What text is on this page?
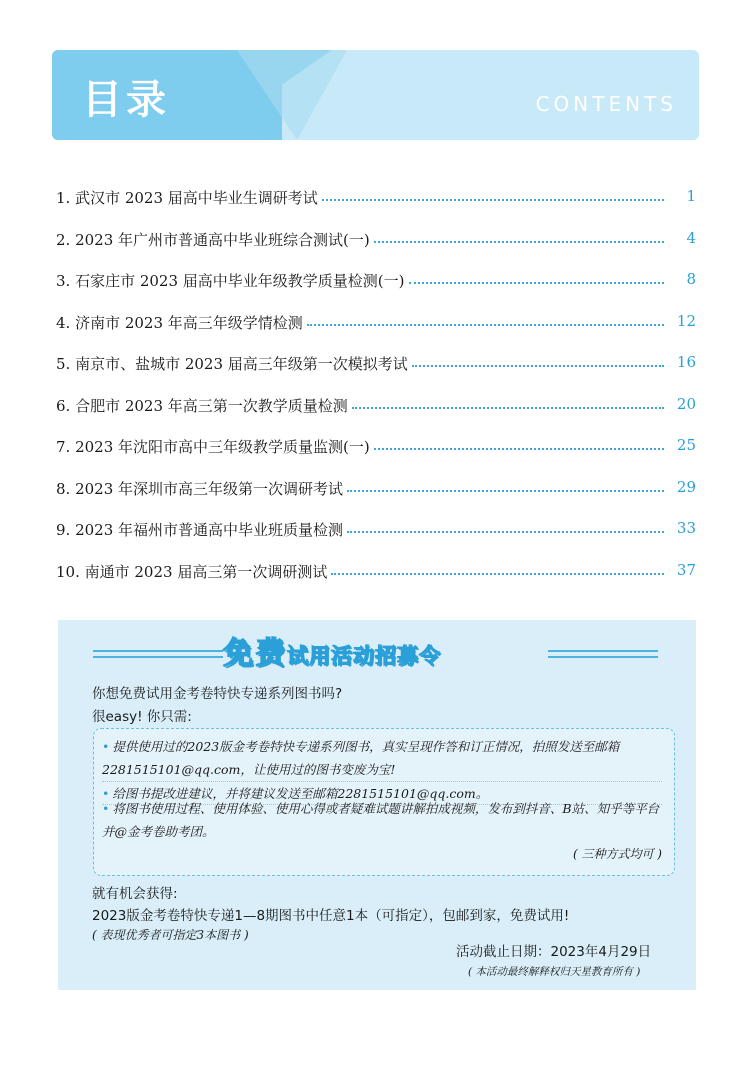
目录	CONTENTS
1. 武汉市 2023 届高中毕业生调研考试	1
2. 2023 年广州市普通高中毕业班综合测试(一)	4
3. 石家庄市 2023 届高中毕业年级教学质量检测(一)	8
4. 济南市 2023 年高三年级学情检测	12
5. 南京市、盐城市 2023 届高三年级第一次模拟考试	16
6. 合肥市 2023 年高三第一次教学质量检测	20
7. 2023 年沈阳市高中三年级教学质量监测(一)	25
8. 2023 年深圳市高三年级第一次调研考试	29
9. 2023 年福州市普通高中毕业班质量检测	33
10. 南通市 2023 届高三第一次调研测试	37
免费试用活动招募令
你想免费试用金考卷特快专递系列图书吗?
很easy! 你只需:
• 提供使用过的2023版金考卷特快专递系列图书，真实呈现作答和订正情况，拍照发送至邮箱2281515101@qq.com，让使用过的图书变废为宝!
• 给图书提改进建议，并将建议发送至邮箱2281515101@qq.com。
• 将图书使用过程、使用体验、使用心得或者疑难试题讲解拍成视频，发布到抖音、B站、知乎等平台并@金考卷助考团。
( 三种方式均可 )
就有机会获得:
2023版金考卷特快专递1—8期图书中任意1本（可指定），包邮到家，免费试用!
( 表现优秀者可指定3本图书 )
活动截止日期：2023年4月29日
( 本活动最终解释权归天星教育所有 )
